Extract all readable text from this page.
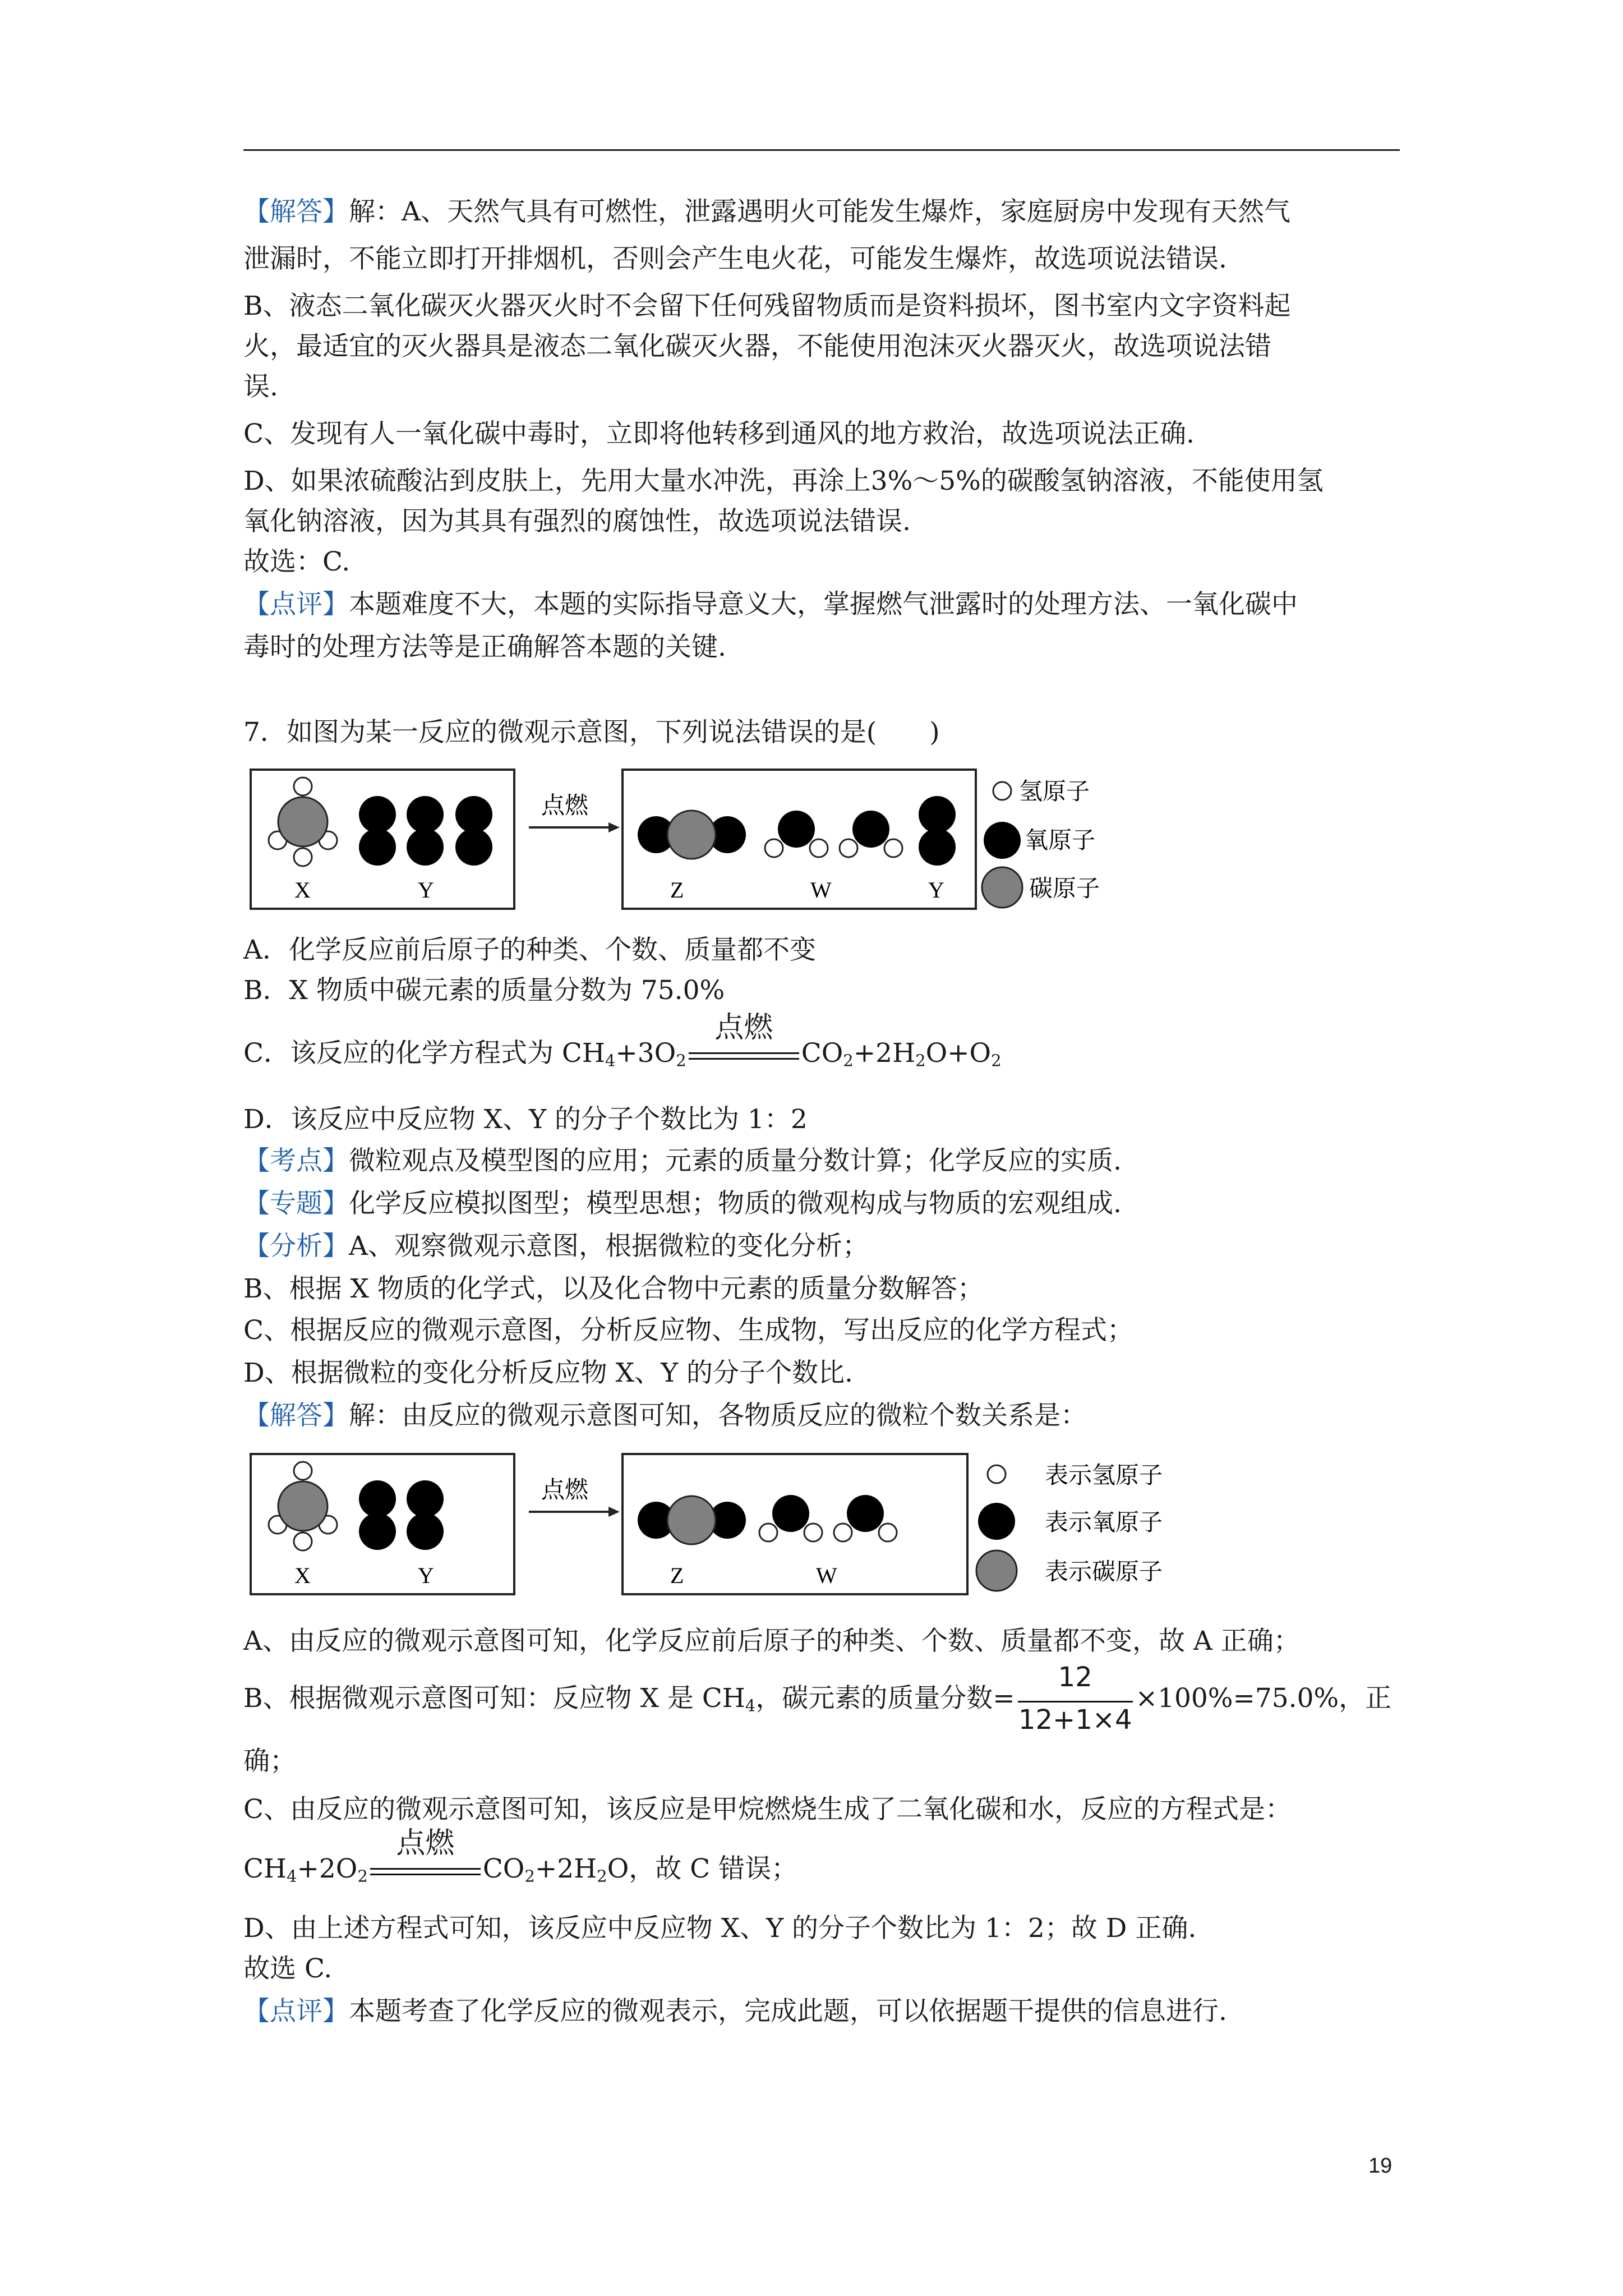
【解答】解：A、天然气具有可燃性，泄露遇明火可能发生爆炸，家庭厨房中发现有天然气
泄漏时，不能立即打开排烟机，否则会产生电火花，可能发生爆炸，故选项说法错误.
B、液态二氧化碳灭火器灭火时不会留下任何残留物质而是资料损坏，图书室内文字资料起
火，最适宜的灭火器具是液态二氧化碳灭火器，不能使用泡沫灭火器灭火，故选项说法错
误.
C、发现有人一氧化碳中毒时，立即将他转移到通风的地方救治，故选项说法正确.
D、如果浓硫酸沾到皮肤上，先用大量水冲洗，再涂上3%～5%的碳酸氢钠溶液，不能使用氢
氧化钠溶液，因为其具有强烈的腐蚀性，故选项说法错误.
故选：C.
【点评】本题难度不大，本题的实际指导意义大，掌握燃气泄露时的处理方法、一氧化碳中
毒时的处理方法等是正确解答本题的关键.
7．如图为某一反应的微观示意图，下列说法错误的是(　　)
X	Y
点燃
Z	W	Y
氢原子
氧原子
碳原子
A．化学反应前后原子的种类、个数、质量都不变
B．X 物质中碳元素的质量分数为 75.0%
C．该反应的化学方程式为 $CH_4+3O_2$
点燃
$CO_2+2H_2O+O_2$
D．该反应中反应物 X、Y 的分子个数比为 1：2
【考点】微粒观点及模型图的应用；元素的质量分数计算；化学反应的实质.
【专题】化学反应模拟图型；模型思想；物质的微观构成与物质的宏观组成.
【分析】A、观察微观示意图，根据微粒的变化分析；
B、根据 X 物质的化学式，以及化合物中元素的质量分数解答；
C、根据反应的微观示意图，分析反应物、生成物，写出反应的化学方程式；
D、根据微粒的变化分析反应物 X、Y 的分子个数比.
【解答】解：由反应的微观示意图可知，各物质反应的微粒个数关系是：
X	Y
点燃
Z	W
表示氢原子
表示氧原子
表示碳原子
A、由反应的微观示意图可知，化学反应前后原子的种类、个数、质量都不变，故 A 正确；
B、根据微观示意图可知：反应物 X 是 $CH_4$，碳元素的质量分数= $\frac{12}{12+1\times 4} \times 100\%=75.0\%$，正
确；
C、由反应的微观示意图可知，该反应是甲烷燃烧生成了二氧化碳和水，反应的方程式是：
$CH_4+2O_2$
点燃
$CO_2+2H_2O$，故 C 错误；
D、由上述方程式可知，该反应中反应物 X、Y 的分子个数比为 1：2；故 D 正确.
故选 C.
【点评】本题考查了化学反应的微观表示，完成此题，可以依据题干提供的信息进行.
19
